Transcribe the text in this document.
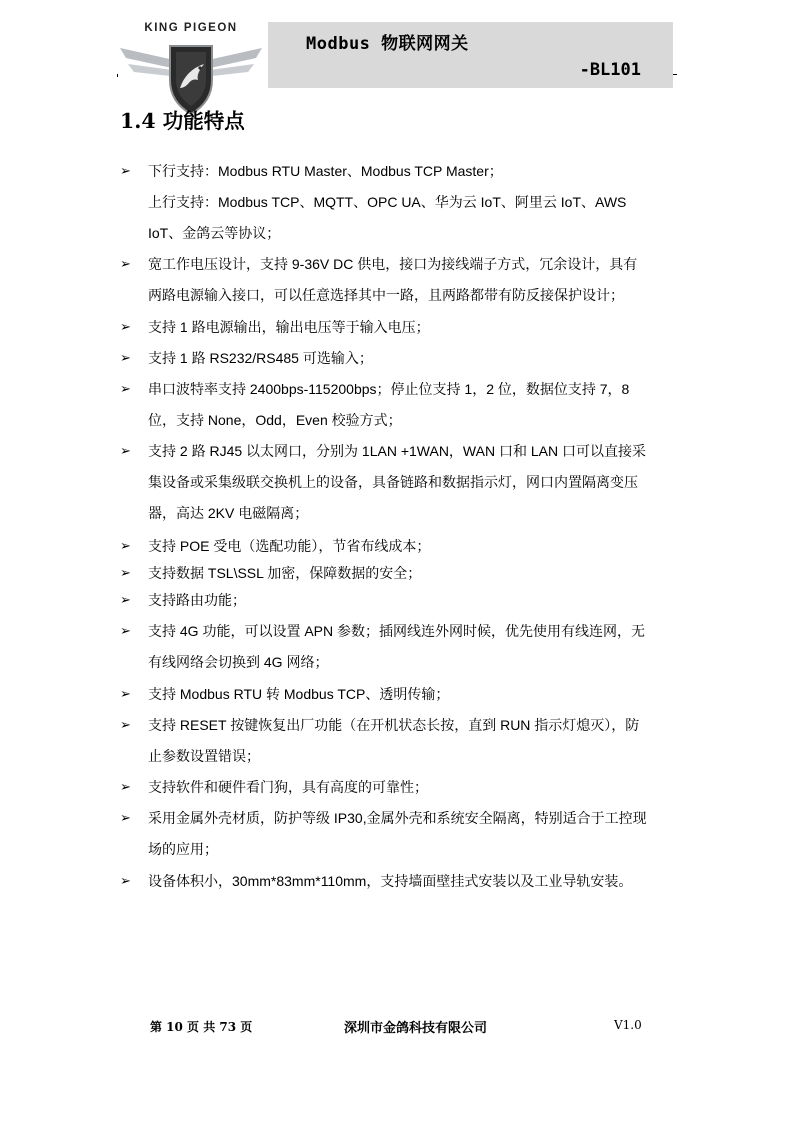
KING PIGEON
Modbus 物联网网关
-BL101
1.4 功能特点
➢ 下行支持：Modbus RTU Master、Modbus TCP Master；
上行支持：Modbus TCP、MQTT、OPC UA、华为云 IoT、阿里云 IoT、AWS
IoT、金鸽云等协议；
➢ 宽工作电压设计，支持 9-36V DC 供电，接口为接线端子方式，冗余设计，具有
两路电源输入接口，可以任意选择其中一路，且两路都带有防反接保护设计；
➢ 支持 1 路电源输出，输出电压等于输入电压；
➢ 支持 1 路 RS232/RS485 可选输入；
➢ 串口波特率支持 2400bps-115200bps；停止位支持 1，2 位，数据位支持 7，8
位，支持 None，Odd，Even 校验方式；
➢ 支持 2 路 RJ45 以太网口，分别为 1LAN +1WAN，WAN 口和 LAN 口可以直接采
集设备或采集级联交换机上的设备，具备链路和数据指示灯，网口内置隔离变压
器，高达 2KV 电磁隔离；
➢ 支持 POE 受电（选配功能），节省布线成本；
➢ 支持数据 TSL\SSL 加密，保障数据的安全；
➢ 支持路由功能；
➢ 支持 4G 功能，可以设置 APN 参数；插网线连外网时候，优先使用有线连网，无
有线网络会切换到 4G 网络；
➢ 支持 Modbus RTU 转 Modbus TCP、透明传输；
➢ 支持 RESET 按键恢复出厂功能（在开机状态长按，直到 RUN 指示灯熄灭），防
止参数设置错误；
➢ 支持软件和硬件看门狗，具有高度的可靠性；
➢ 采用金属外壳材质，防护等级 IP30,金属外壳和系统安全隔离，特别适合于工控现
场的应用；
➢ 设备体积小，30mm*83mm*110mm，支持墙面壁挂式安装以及工业导轨安装。
第 10 页 共 73 页	深圳市金鸽科技有限公司	V1.0
